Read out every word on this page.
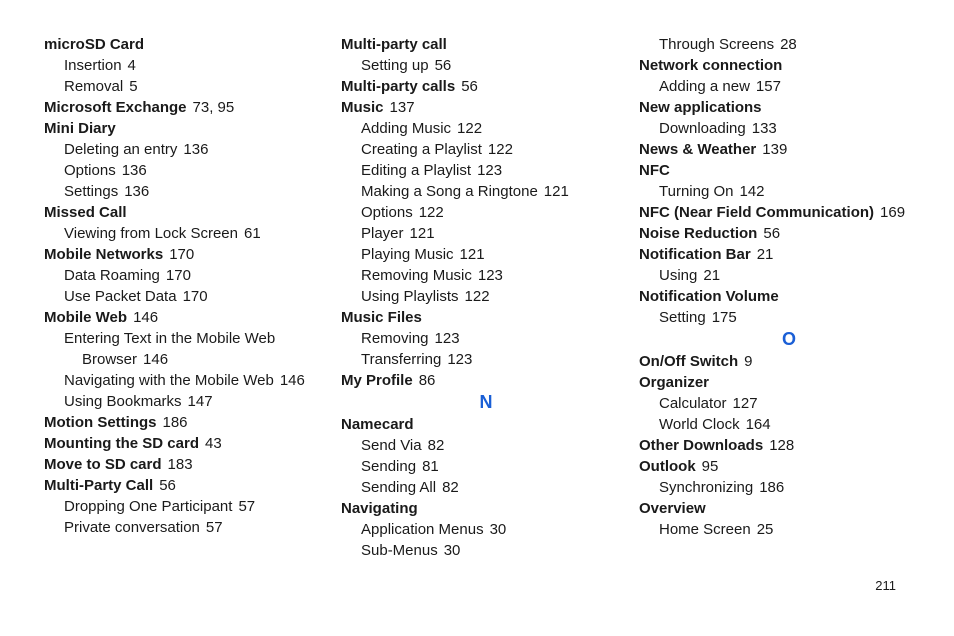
microSD Card
Insertion 4
Removal 5
Microsoft Exchange 73, 95
Mini Diary
Deleting an entry 136
Options 136
Settings 136
Missed Call
Viewing from Lock Screen 61
Mobile Networks 170
Data Roaming 170
Use Packet Data 170
Mobile Web 146
Entering Text in the Mobile Web
Browser 146
Navigating with the Mobile Web 146
Using Bookmarks 147
Motion Settings 186
Mounting the SD card 43
Move to SD card 183
Multi-Party Call 56
Dropping One Participant 57
Private conversation 57
Multi-party call
Setting up 56
Multi-party calls 56
Music 137
Adding Music 122
Creating a Playlist 122
Editing a Playlist 123
Making a Song a Ringtone 121
Options 122
Player 121
Playing Music 121
Removing Music 123
Using Playlists 122
Music Files
Removing 123
Transferring 123
My Profile 86
N
Namecard
Send Via 82
Sending 81
Sending All 82
Navigating
Application Menus 30
Sub-Menus 30
Through Screens 28
Network connection
Adding a new 157
New applications
Downloading 133
News & Weather 139
NFC
Turning On 142
NFC (Near Field Communication) 169
Noise Reduction 56
Notification Bar 21
Using 21
Notification Volume
Setting 175
O
On/Off Switch 9
Organizer
Calculator 127
World Clock 164
Other Downloads 128
Outlook 95
Synchronizing 186
Overview
Home Screen 25
211
